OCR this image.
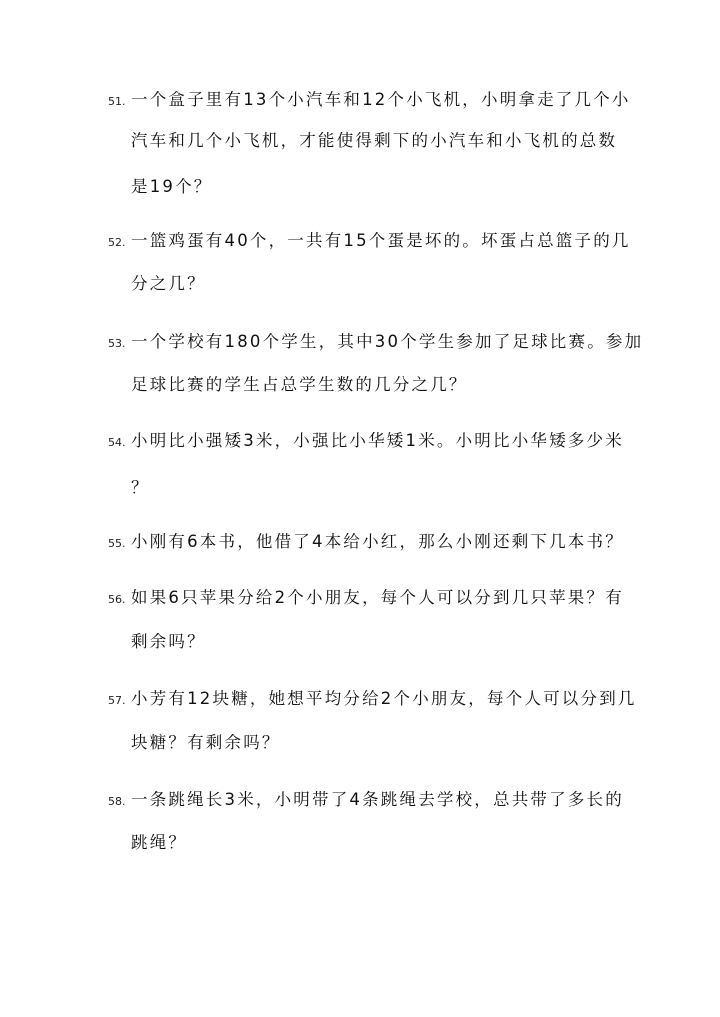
51. 一个盒子里有13个小汽车和12个小飞机，小明拿走了几个小
汽车和几个小飞机，才能使得剩下的小汽车和小飞机的总数
是19个？
52. 一篮鸡蛋有40个，一共有15个蛋是坏的。坏蛋占总篮子的几
分之几？
53. 一个学校有180个学生，其中30个学生参加了足球比赛。参加
足球比赛的学生占总学生数的几分之几？
54. 小明比小强矮3米，小强比小华矮1米。小明比小华矮多少米
？
55. 小刚有6本书，他借了4本给小红，那么小刚还剩下几本书？
56. 如果6只苹果分给2个小朋友，每个人可以分到几只苹果？有
剩余吗？
57. 小芳有12块糖，她想平均分给2个小朋友，每个人可以分到几
块糖？有剩余吗？
58. 一条跳绳长3米，小明带了4条跳绳去学校，总共带了多长的
跳绳？
